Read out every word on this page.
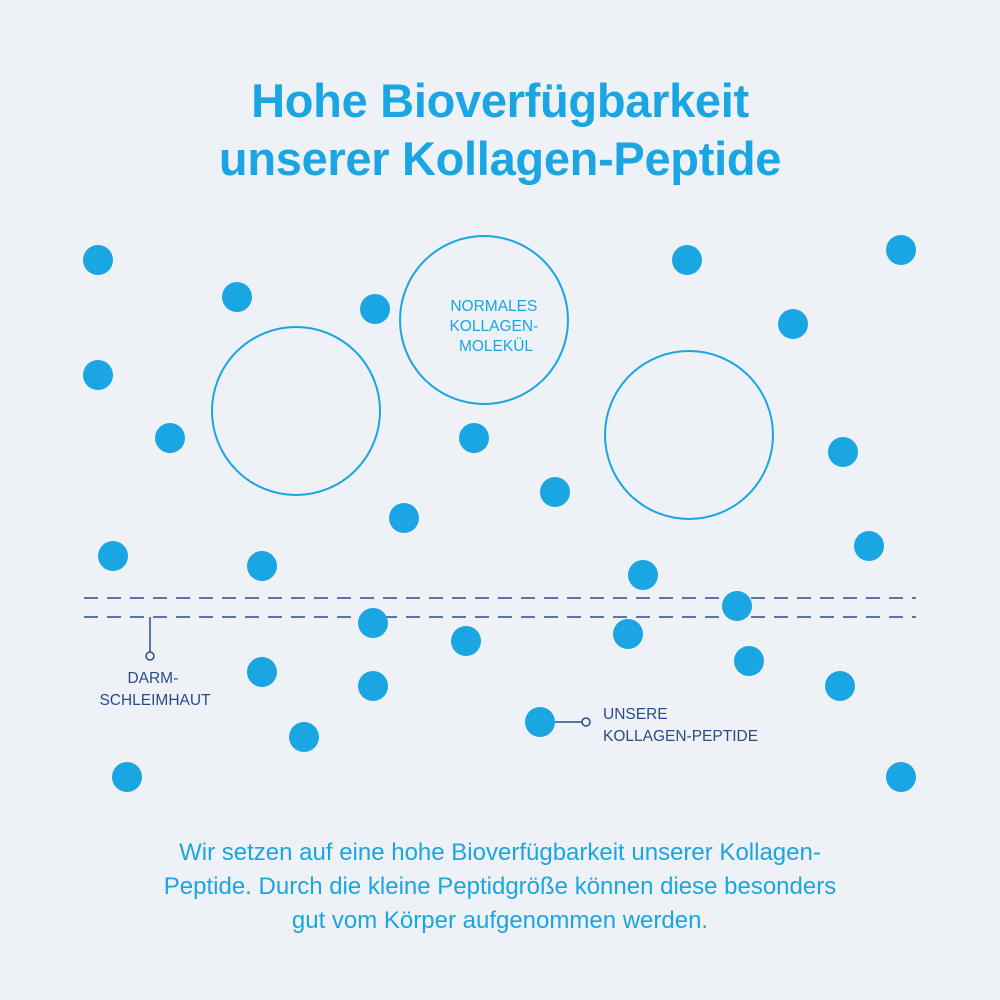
Hohe Bioverfügbarkeit
unserer Kollagen-Peptide
NORMALES KOLLAGEN- MOLEKÜL
DARM- SCHLEIMHAUT
UNSERE KOLLAGEN-PEPTIDE

Wir setzen auf eine hohe Bioverfügbarkeit unserer Kollagen-
Peptide. Durch die kleine Peptidgröße können diese besonders
gut vom Körper aufgenommen werden.
